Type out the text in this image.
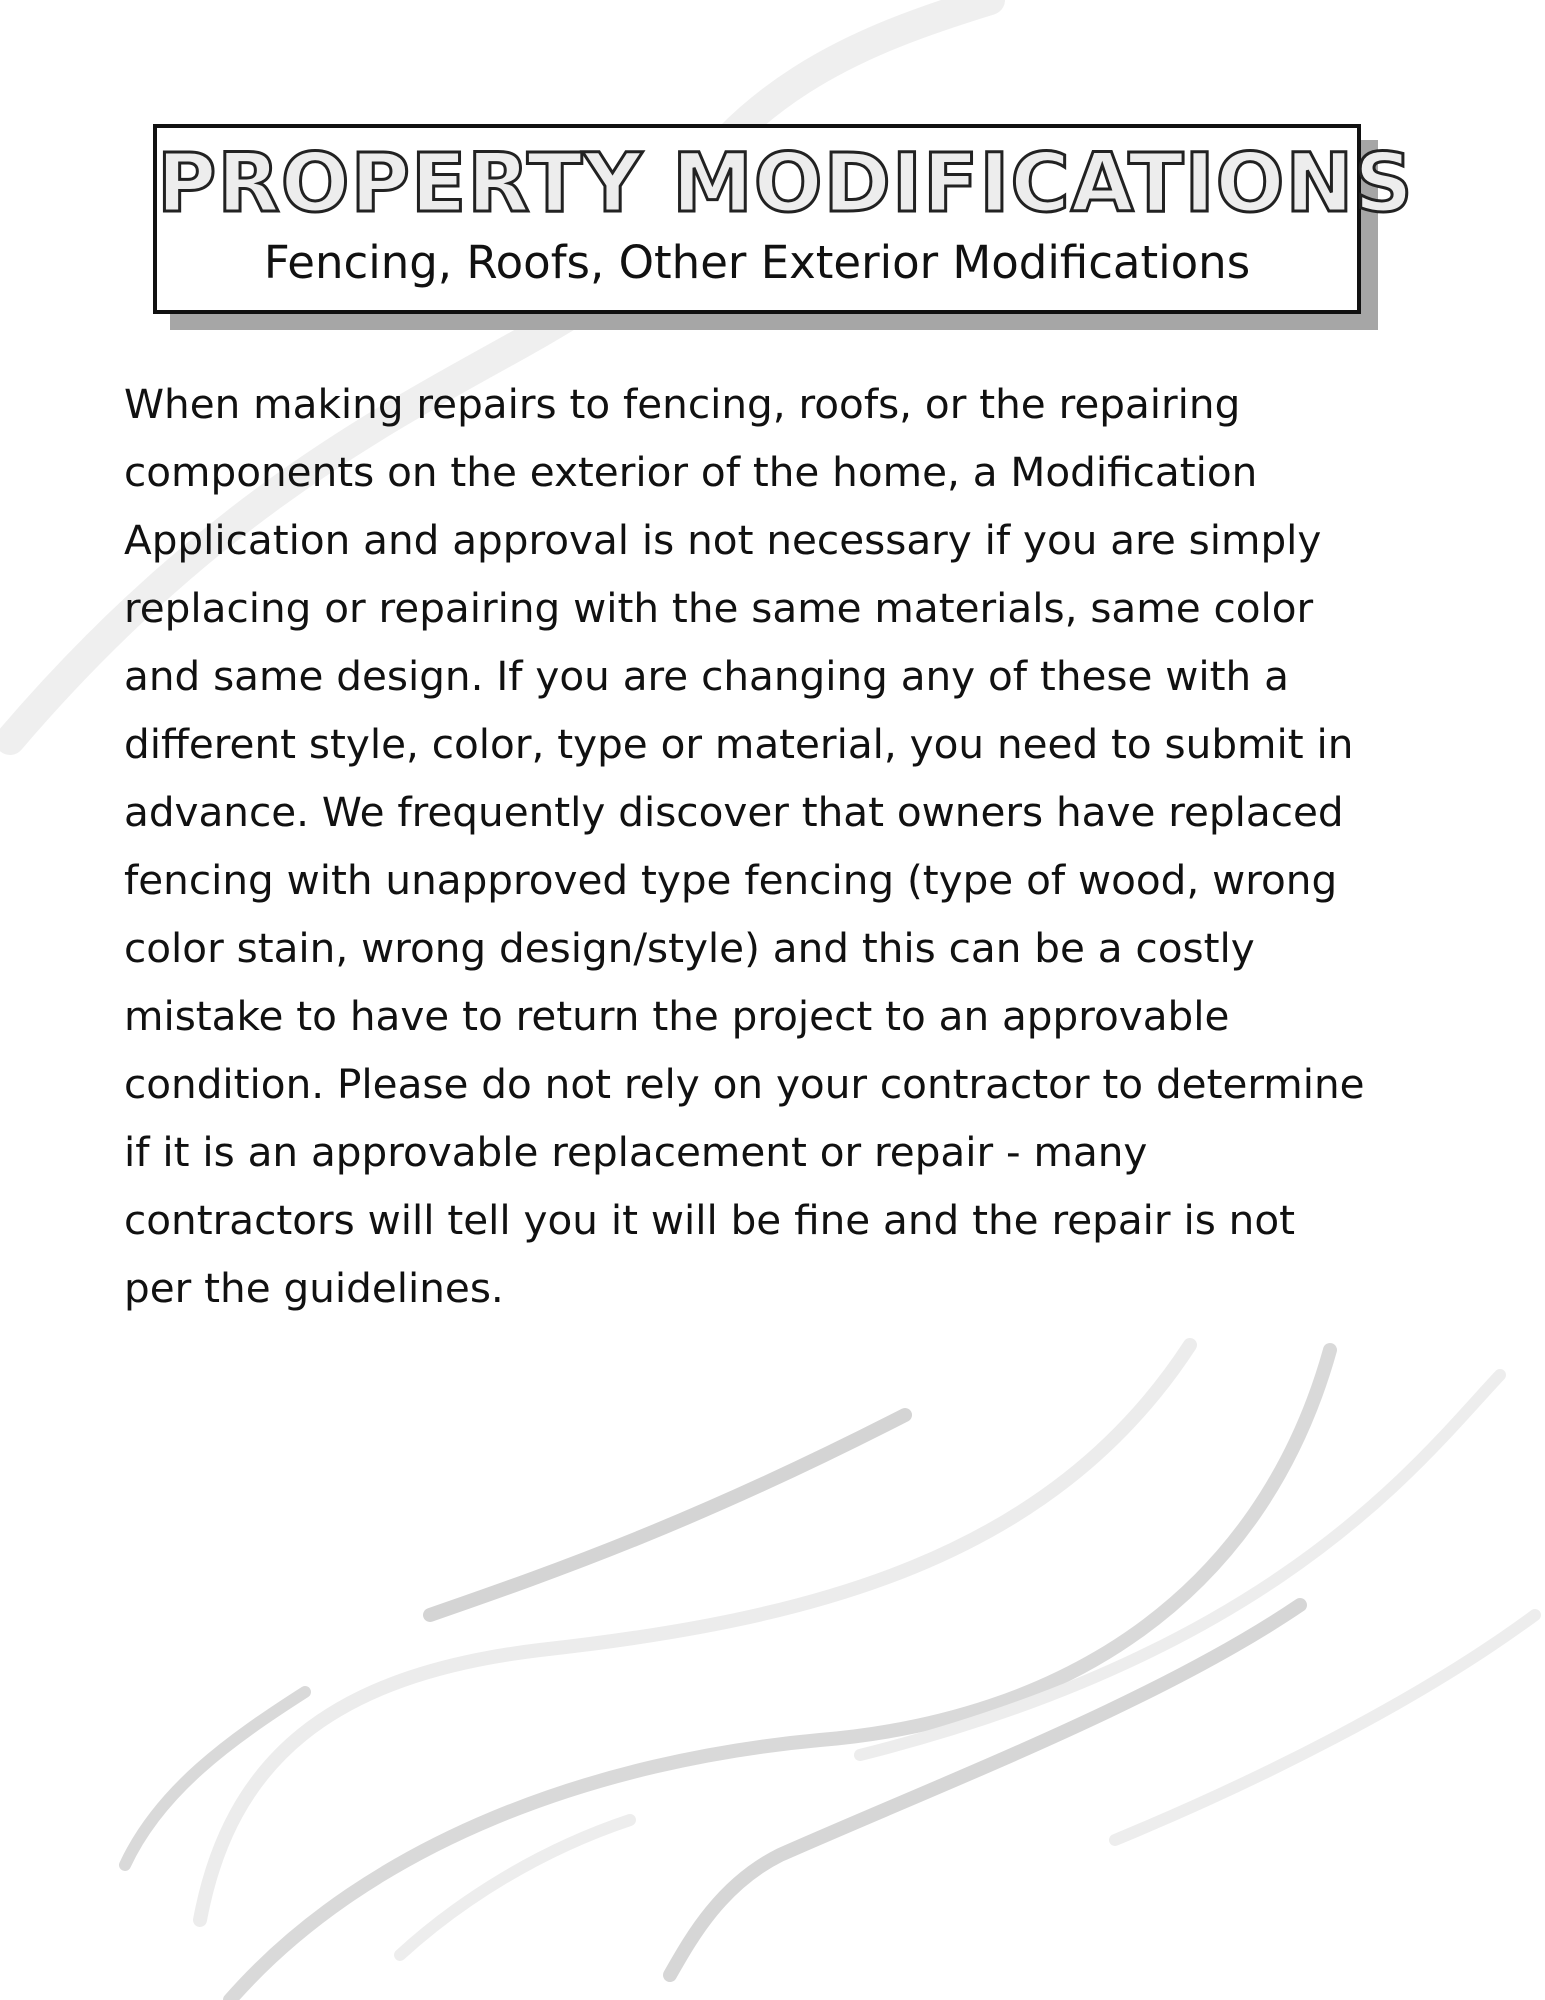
PROPERTY MODIFICATIONS

Fencing, Roofs, Other Exterior Modifications

When making repairs to fencing, roofs, or the repairing
components on the exterior of the home, a Modification
Application and approval is not necessary if you are simply
replacing or repairing with the same materials, same color
and same design. If you are changing any of these with a
different style, color, type or material, you need to submit in
advance. We frequently discover that owners have replaced
fencing with unapproved type fencing (type of wood, wrong
color stain, wrong design/style) and this can be a costly
mistake to have to return the project to an approvable
condition. Please do not rely on your contractor to determine
if it is an approvable replacement or repair - many
contractors will tell you it will be fine and the repair is not
per the guidelines.
